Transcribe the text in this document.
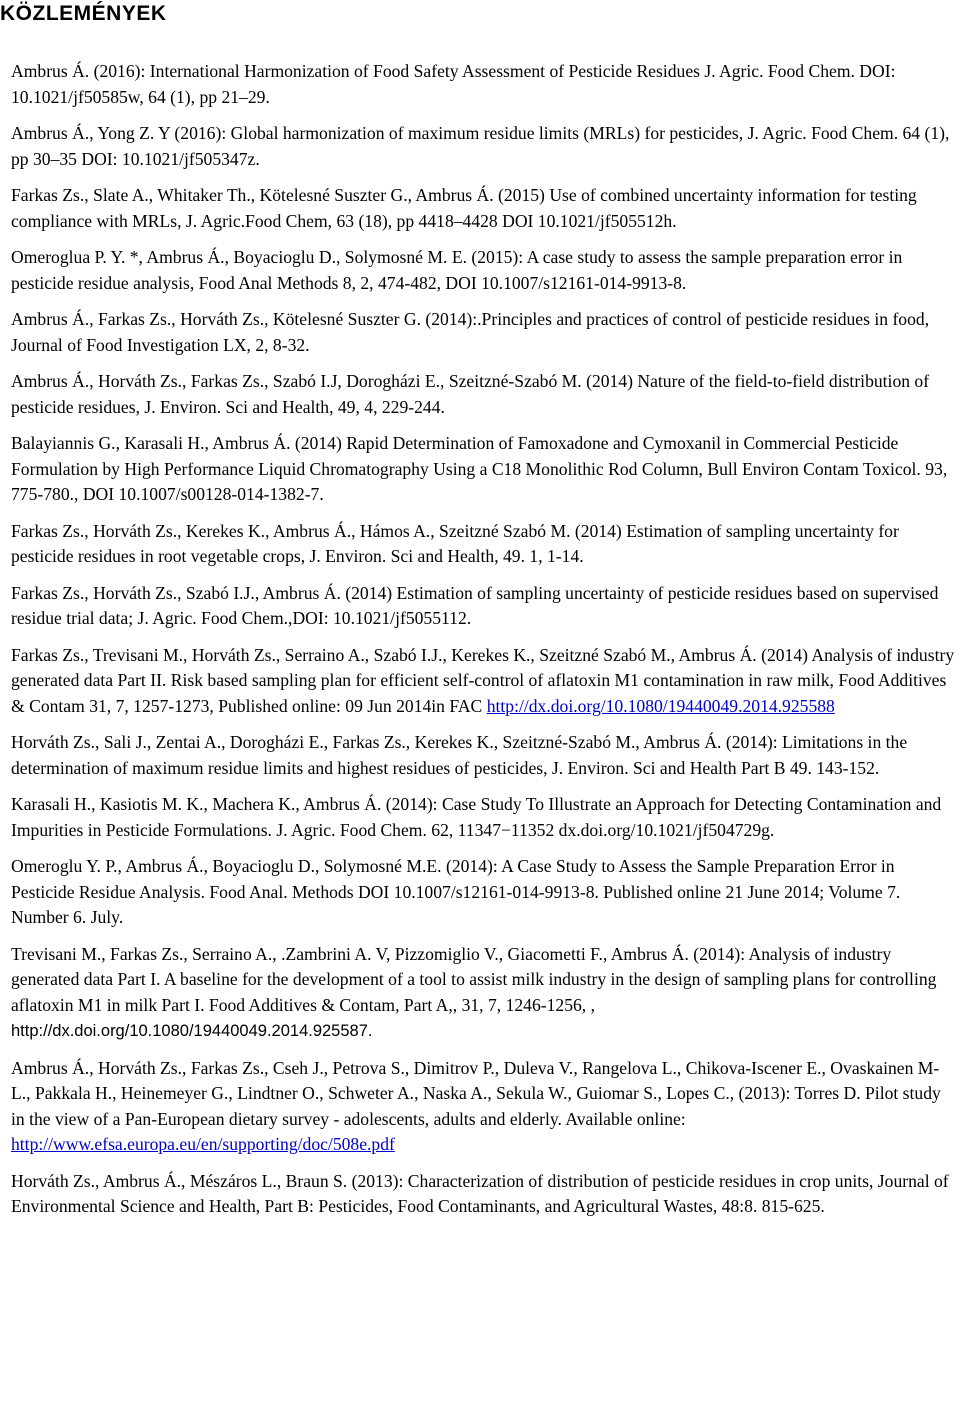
KÖZLEMÉNYEK

Ambrus Á. (2016): International Harmonization of Food Safety Assessment of Pesticide Residues J. Agric. Food Chem. DOI: 10.1021/jf50585w, 64 (1), pp 21–29.

Ambrus Á., Yong Z. Y (2016): Global harmonization of maximum residue limits (MRLs) for pesticides, J. Agric. Food Chem. 64 (1), pp 30–35 DOI: 10.1021/jf505347z.

Farkas Zs., Slate A., Whitaker Th., Kötelesné Suszter G., Ambrus Á. (2015) Use of combined uncertainty information for testing compliance with MRLs, J. Agric.Food Chem, 63 (18), pp 4418–4428 DOI 10.1021/jf505512h.

Omeroglua P. Y. *, Ambrus Á., Boyacioglu D., Solymosné M. E. (2015): A case study to assess the sample preparation error in pesticide residue analysis, Food Anal Methods 8, 2, 474-482, DOI 10.1007/s12161-014-9913-8.

Ambrus Á., Farkas Zs., Horváth Zs., Kötelesné Suszter G. (2014):.Principles and practices of control of pesticide residues in food, Journal of Food Investigation LX, 2, 8-32.

Ambrus Á., Horváth Zs., Farkas Zs., Szabó I.J, Dorogházi E., Szeitzné-Szabó M. (2014) Nature of the field-to-field distribution of pesticide residues, J. Environ. Sci and Health, 49, 4, 229-244.

Balayiannis G., Karasali H., Ambrus Á. (2014) Rapid Determination of Famoxadone and Cymoxanil in Commercial Pesticide Formulation by High Performance Liquid Chromatography Using a C18 Monolithic Rod Column, Bull Environ Contam Toxicol. 93, 775-780., DOI 10.1007/s00128-014-1382-7.

Farkas Zs., Horváth Zs., Kerekes K., Ambrus Á., Hámos A., Szeitzné Szabó M. (2014) Estimation of sampling uncertainty for pesticide residues in root vegetable crops, J. Environ. Sci and Health, 49. 1, 1-14.

Farkas Zs., Horváth Zs., Szabó I.J., Ambrus Á. (2014) Estimation of sampling uncertainty of pesticide residues based on supervised residue trial data; J. Agric. Food Chem.,DOI: 10.1021/jf5055112.

Farkas Zs., Trevisani M., Horváth Zs., Serraino A., Szabó I.J., Kerekes K., Szeitzné Szabó M., Ambrus Á. (2014) Analysis of industry generated data Part II. Risk based sampling plan for efficient self-control of aflatoxin M1 contamination in raw milk, Food Additives & Contam 31, 7, 1257-1273, Published online: 09 Jun 2014in FAC http://dx.doi.org/10.1080/19440049.2014.925588

Horváth Zs., Sali J., Zentai A., Dorogházi E., Farkas Zs., Kerekes K., Szeitzné-Szabó M., Ambrus Á. (2014): Limitations in the determination of maximum residue limits and highest residues of pesticides, J. Environ. Sci and Health Part B 49. 143-152.

Karasali H., Kasiotis M. K., Machera K., Ambrus Á. (2014): Case Study To Illustrate an Approach for Detecting Contamination and Impurities in Pesticide Formulations. J. Agric. Food Chem. 62, 11347−11352 dx.doi.org/10.1021/jf504729g.

Omeroglu Y. P., Ambrus Á., Boyacioglu D., Solymosné M.E. (2014): A Case Study to Assess the Sample Preparation Error in Pesticide Residue Analysis. Food Anal. Methods DOI 10.1007/s12161-014-9913-8. Published online 21 June 2014; Volume 7. Number 6. July.

Trevisani M., Farkas Zs., Serraino A., .Zambrini A. V, Pizzomiglio V., Giacometti F., Ambrus Á. (2014): Analysis of industry generated data Part I. A baseline for the development of a tool to assist milk industry in the design of sampling plans for controlling aflatoxin M1 in milk Part I. Food Additives & Contam, Part A,, 31, 7, 1246-1256, , http://dx.doi.org/10.1080/19440049.2014.925587.

Ambrus Á., Horváth Zs., Farkas Zs., Cseh J., Petrova S., Dimitrov P., Duleva V., Rangelova L., Chikova-Iscener E., Ovaskainen M-L., Pakkala H., Heinemeyer G., Lindtner O., Schweter A., Naska A., Sekula W., Guiomar S., Lopes C., (2013): Torres D. Pilot study in the view of a Pan-European dietary survey - adolescents, adults and elderly. Available online: http://www.efsa.europa.eu/en/supporting/doc/508e.pdf

Horváth Zs., Ambrus Á., Mészáros L., Braun S. (2013): Characterization of distribution of pesticide residues in crop units, Journal of Environmental Science and Health, Part B: Pesticides, Food Contaminants, and Agricultural Wastes, 48:8. 815-625.
